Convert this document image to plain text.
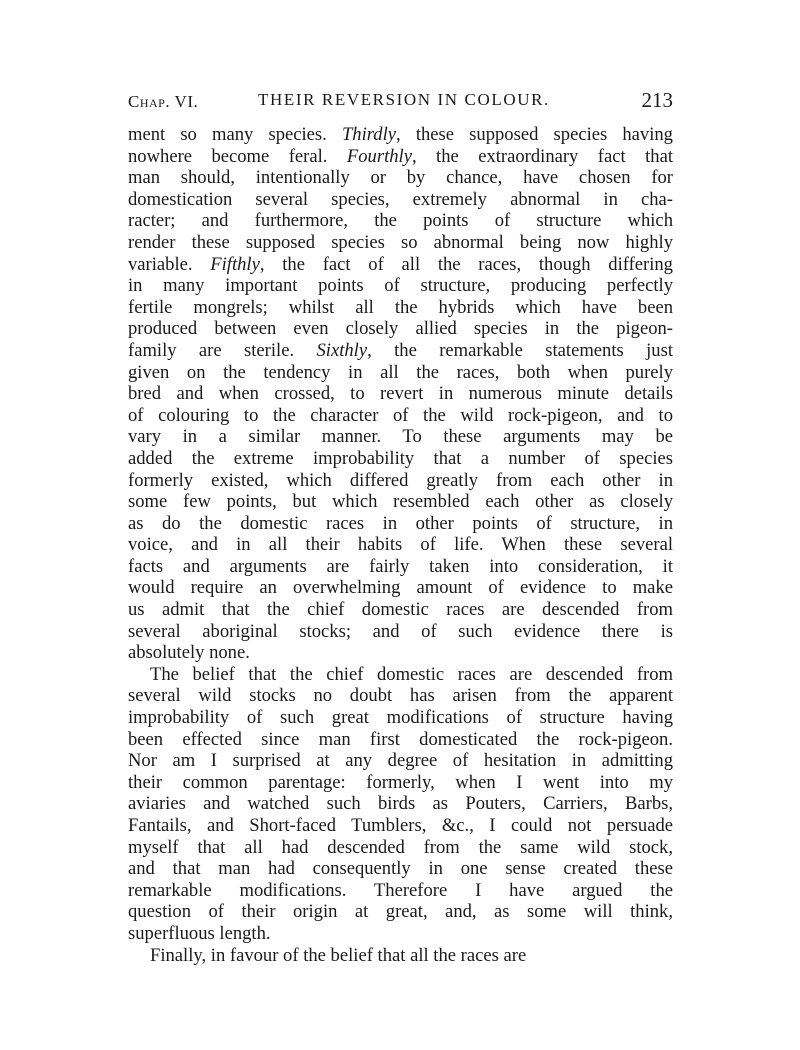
Chap. VI.	THEIR REVERSION IN COLOUR.	213
ment so many species. Thirdly, these supposed species having
nowhere become feral. Fourthly, the extraordinary fact that
man should, intentionally or by chance, have chosen for
domestication several species, extremely abnormal in cha-
racter; and furthermore, the points of structure which
render these supposed species so abnormal being now highly
variable. Fifthly, the fact of all the races, though differing
in many important points of structure, producing perfectly
fertile mongrels; whilst all the hybrids which have been
produced between even closely allied species in the pigeon-
family are sterile. Sixthly, the remarkable statements just
given on the tendency in all the races, both when purely
bred and when crossed, to revert in numerous minute details
of colouring to the character of the wild rock-pigeon, and to
vary in a similar manner. To these arguments may be
added the extreme improbability that a number of species
formerly existed, which differed greatly from each other in
some few points, but which resembled each other as closely
as do the domestic races in other points of structure, in
voice, and in all their habits of life. When these several
facts and arguments are fairly taken into consideration, it
would require an overwhelming amount of evidence to make
us admit that the chief domestic races are descended from
several aboriginal stocks; and of such evidence there is
absolutely none.
The belief that the chief domestic races are descended from
several wild stocks no doubt has arisen from the apparent
improbability of such great modifications of structure having
been effected since man first domesticated the rock-pigeon.
Nor am I surprised at any degree of hesitation in admitting
their common parentage: formerly, when I went into my
aviaries and watched such birds as Pouters, Carriers, Barbs,
Fantails, and Short-faced Tumblers, &c., I could not persuade
myself that all had descended from the same wild stock,
and that man had consequently in one sense created these
remarkable modifications. Therefore I have argued the
question of their origin at great, and, as some will think,
superfluous length.
Finally, in favour of the belief that all the races are
